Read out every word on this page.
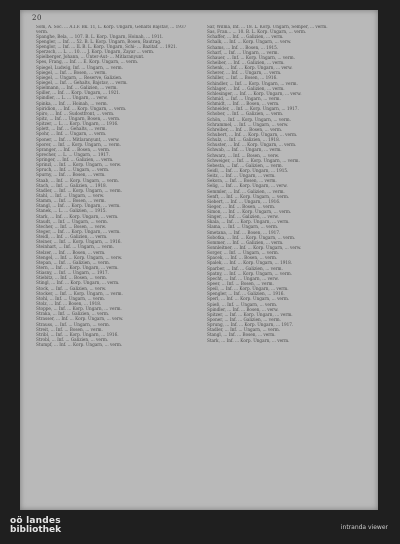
20

Som, A. Soc. ... A.I.F. Bk. 11, L. Korp. Ungarn, Gehalts Bajstav, ... 1937 verm.

Spanghe, Bela, ... 107. B. L. Korp. Ungarn, Hoinah, ... 1911.

Spengler, ... Inf. ... 52. B. L. Korp. Ungarn, Bosen, Bautrag.

Spenglor, ... Inf. ... IL B. L. Korp. Ungarn, Schi- ... Bazitaf. ... 1921.

Sperzsch, ... L. ... 10. ... J. Korp. Ungarn, Zayar ... verm.

Spielberger, Johann, ... Unter-Aut- ... Mitlaranyunt.

Spes, Frang, ... Inf. ... E. Korp. Ungarn, ... verm.

Spiegel, Ludwig, Inf. ... Ungarn, ... verm.

Spiegel, ... Inf. ... Bosen, ... verm.

Spiegel, ... Ungarn, ... Reserve, Galizien.

Spiegel, ... Inf. ... Gehalts, Bajstav, ... verm.

Spielmann, ... Inf. ... Galizien, ... verm.

Spiller, ... Inf. ... Korp. Ungarn, ... 1921.

Spindler, ... L. ... Ungarn, ... verw.

Spinka, ... Inf. ... Hoinah, ... verm.

Spiridion, ... Inf. ... Korp. Ungarn, ... verm.

Spiro, ... Inf. ... Sudostfront, ... verm.

Spitz, ... Inf. ... Ungarn, Bosen, ... verm.

Spitzer, ... L. ... Korp. Ungarn, ... 1916.

Splett, ... Inf. ... Gehalts, ... verm.

Spohr, ... Inf. ... Ungarn, ... verm.

Sponer, ... Inf. ... Mitlaranyunt, ... verw.

Sporer, ... Inf. ... Korp. Ungarn, ... verm.

Spranger, ... Inf. ... Bosen, ... verm.

Sprecher, ... L. ... Ungarn, ... 1917.

Springer, ... Inf. ... Galizien, ... verm.

Sprinzl, ... Inf. ... Korp. Ungarn, ... verw.

Spruch, ... Inf. ... Ungarn, ... verm.

Spurny, ... Inf. ... Bosen, ... verm.

Staab, ... Inf. ... Korp. Ungarn, ... verm.

Stach, ... Inf. ... Galizien, ... 1918.

Stadler, ... Inf. ... Korp. Ungarn, ... verm.

Stahl, ... Inf. ... Ungarn, ... verw.

Stamm, ... Inf. ... Bosen, ... verm.

Stangl, ... Inf. ... Korp. Ungarn, ... verm.

Stanek, ... L. ... Galizien, ... 1915.

Stark, ... Inf. ... Korp. Ungarn, ... verm.

Staudt, ... Inf. ... Ungarn, ... verm.

Stecher, ... Inf. ... Bosen, ... verw.

Steger, ... Inf. ... Korp. Ungarn, ... verm.

Steidl, ... Inf. ... Galizien, ... verm.

Steiner, ... Inf. ... Korp. Ungarn, ... 1916.

Steinhart, ... Inf. ... Ungarn, ... verm.

Stelzer, ... Inf. ... Bosen, ... verm.

Stengel, ... Inf. ... Korp. Ungarn, ... verw.

Stepan, ... Inf. ... Galizien, ... verm.

Stern, ... Inf. ... Korp. Ungarn, ... verm.

Stiasny, ... Inf. ... Ungarn, ... 1917.

Stiebitz, ... Inf. ... Bosen, ... verm.

Stingl, ... Inf. ... Korp. Ungarn, ... verm.

Stock, ... Inf. ... Galizien, ... verw.

Stocker, ... Inf. ... Korp. Ungarn, ... verm.

Stohl, ... Inf. ... Ungarn, ... verm.

Stolz, ... Inf. ... Bosen, ... 1918.

Stoppe, ... Inf. ... Korp. Ungarn, ... verm.

Straka, ... Inf. ... Galizien, ... verm.

Strasser, ... Inf. ... Korp. Ungarn, ... verw.

Strauss, ... Inf. ... Ungarn, ... verm.

Streit, ... Inf. ... Bosen, ... verm.

Stribl, ... Inf. ... Korp. Ungarn, ... 1916.

Strobl, ... Inf. ... Galizien, ... verm.

Stumpf, ... Inf. ... Korp. Ungarn, ... verm.

Sar, Wilma, Inf. ... 18. L. Korp. Ungarn, Semper, ... verm.

Sas, Fran... ... 10. B. L. Korp. Ungarn, ... verm.

Schaffer, ... Inf. ... Galizien, ... verm.

Schalk, ... Inf. ... Korp. Ungarn, ... verw.

Schams, ... Inf. ... Bosen, ... 1915.

Scharf, ... Inf. ... Ungarn, ... verm.

Schauer, ... Inf. ... Korp. Ungarn, ... verm.

Scheiber, ... Inf. ... Galizien, ... verm.

Schenk, ... Inf. ... Korp. Ungarn, ... verw.

Scherer, ... Inf. ... Ungarn, ... verm.

Schiller, ... Inf. ... Bosen, ... 1916.

Schindler, ... Inf. ... Korp. Ungarn, ... verm.

Schlager, ... Inf. ... Galizien, ... verm.

Schlesinger, ... Inf. ... Korp. Ungarn, ... verw.

Schmid, ... Inf. ... Ungarn, ... verm.

Schmidt, ... Inf. ... Bosen, ... verm.

Schneider, ... Inf. ... Korp. Ungarn, ... 1917.

Schober, ... Inf. ... Galizien, ... verm.

Schön, ... Inf. ... Korp. Ungarn, ... verm.

Schrammel, ... Inf. ... Ungarn, ... verw.

Schreiber, ... Inf. ... Bosen, ... verm.

Schubert, ... Inf. ... Korp. Ungarn, ... verm.

Schulz, ... Inf. ... Galizien, ... 1918.

Schuster, ... Inf. ... Korp. Ungarn, ... verm.

Schwab, ... Inf. ... Ungarn, ... verm.

Schwarz, ... Inf. ... Bosen, ... verw.

Schweiger, ... Inf. ... Korp. Ungarn, ... verm.

Sebesta, ... Inf. ... Galizien, ... verm.

Seidl, ... Inf. ... Korp. Ungarn, ... 1915.

Seitz, ... Inf. ... Ungarn, ... verm.

Sekora, ... Inf. ... Bosen, ... verm.

Selig, ... Inf. ... Korp. Ungarn, ... verw.

Semmler, ... Inf. ... Galizien, ... verm.

Senft, ... Inf. ... Korp. Ungarn, ... verm.

Siebert, ... Inf. ... Ungarn, ... 1916.

Sieger, ... Inf. ... Bosen, ... verm.

Simon, ... Inf. ... Korp. Ungarn, ... verm.

Singer, ... Inf. ... Galizien, ... verw.

Skala, ... Inf. ... Korp. Ungarn, ... verm.

Slama, ... Inf. ... Ungarn, ... verm.

Smetana, ... Inf. ... Bosen, ... 1917.

Sobotka, ... Inf. ... Korp. Ungarn, ... verm.

Sommer, ... Inf. ... Galizien, ... verm.

Sonnleitner, ... Inf. ... Korp. Ungarn, ... verw.

Sorger, ... Inf. ... Ungarn, ... verm.

Spacek, ... Inf. ... Bosen, ... verm.

Spalek, ... Inf. ... Korp. Ungarn, ... 1918.

Sparber, ... Inf. ... Galizien, ... verm.

Spatny, ... Inf. ... Korp. Ungarn, ... verm.

Specht, ... Inf. ... Ungarn, ... verw.

Speer, ... Inf. ... Bosen, ... verm.

Speil, ... Inf. ... Korp. Ungarn, ... verm.

Spengler, ... Inf. ... Galizien, ... 1916.

Sperl, ... Inf. ... Korp. Ungarn, ... verm.

Spieß, ... Inf. ... Ungarn, ... verm.

Spindler, ... Inf. ... Bosen, ... verw.

Spitzer, ... Inf. ... Korp. Ungarn, ... verm.

Sponer, ... Inf. ... Galizien, ... verm.

Sprung, ... Inf. ... Korp. Ungarn, ... 1917.

Stadler, ... Inf. ... Ungarn, ... verm.

Stangl, ... Inf. ... Bosen, ... verm.

Stark, ... Inf. ... Korp. Ungarn, ... verm.

oö landes
bibliothek	intranda viewer
